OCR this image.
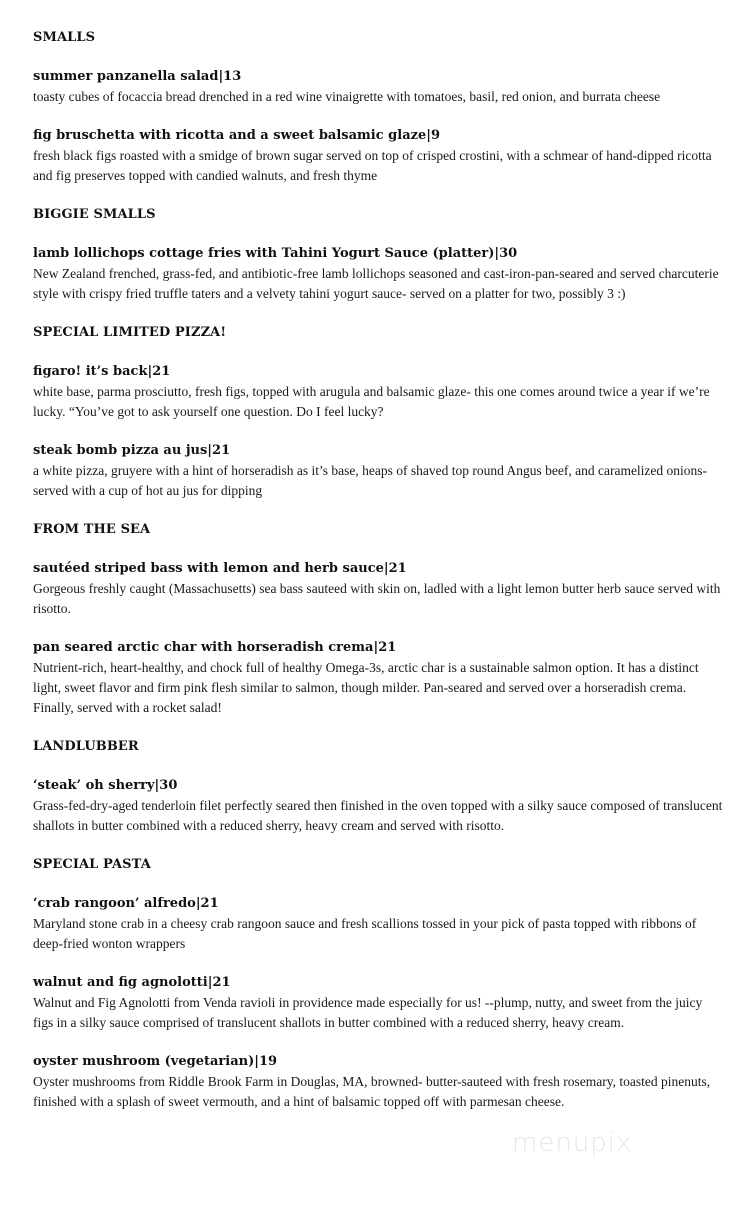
SMALLS

summer panzanella salad|13

toasty cubes of focaccia bread drenched in a red wine vinaigrette with tomatoes, basil, red onion, and burrata cheese

fig bruschetta with ricotta and a sweet balsamic glaze|9

fresh black figs roasted with a smidge of brown sugar served on top of crisped crostini, with a schmear of hand-dipped ricotta and fig preserves topped with candied walnuts, and fresh thyme

BIGGIE SMALLS

lamb lollichops cottage fries with Tahini Yogurt Sauce (platter)|30

New Zealand frenched, grass-fed, and antibiotic-free lamb lollichops seasoned and cast-iron-pan-seared and served charcuterie style with crispy fried truffle taters and a velvety tahini yogurt sauce- served on a platter for two, possibly 3 :)

SPECIAL LIMITED PIZZA!

figaro! it’s back|21

white base, parma prosciutto, fresh figs, topped with arugula and balsamic glaze- this one comes around twice a year if we’re lucky. “You’ve got to ask yourself one question. Do I feel lucky?

steak bomb pizza au jus|21

a white pizza, gruyere with a hint of horseradish as it’s base, heaps of shaved top round Angus beef, and caramelized onions- served with a cup of hot au jus for dipping

FROM THE SEA

sautéed striped bass with lemon and herb sauce|21

Gorgeous freshly caught (Massachusetts) sea bass sauteed with skin on, ladled with a light lemon butter herb sauce served with risotto.

pan seared arctic char with horseradish crema|21

Nutrient-rich, heart-healthy, and chock full of healthy Omega-3s, arctic char is a sustainable salmon option. It has a distinct light, sweet flavor and firm pink flesh similar to salmon, though milder. Pan-seared and served over a horseradish crema. Finally, served with a rocket salad!

LANDLUBBER

‘steak’ oh sherry|30

Grass-fed-dry-aged tenderloin filet perfectly seared then finished in the oven topped with a silky sauce composed of translucent shallots in butter combined with a reduced sherry, heavy cream and served with risotto.

SPECIAL PASTA

‘crab rangoon’ alfredo|21

Maryland stone crab in a cheesy crab rangoon sauce and fresh scallions tossed in your pick of pasta topped with ribbons of deep-fried wonton wrappers

walnut and fig agnolotti|21

Walnut and Fig Agnolotti from Venda ravioli in providence made especially for us! --plump, nutty, and sweet from the juicy figs in a silky sauce comprised of translucent shallots in butter combined with a reduced sherry, heavy cream.

oyster mushroom (vegetarian)|19

Oyster mushrooms from Riddle Brook Farm in Douglas, MA, browned- butter-sauteed with fresh rosemary, toasted pinenuts, finished with a splash of sweet vermouth, and a hint of balsamic topped off with parmesan cheese.

menupix
